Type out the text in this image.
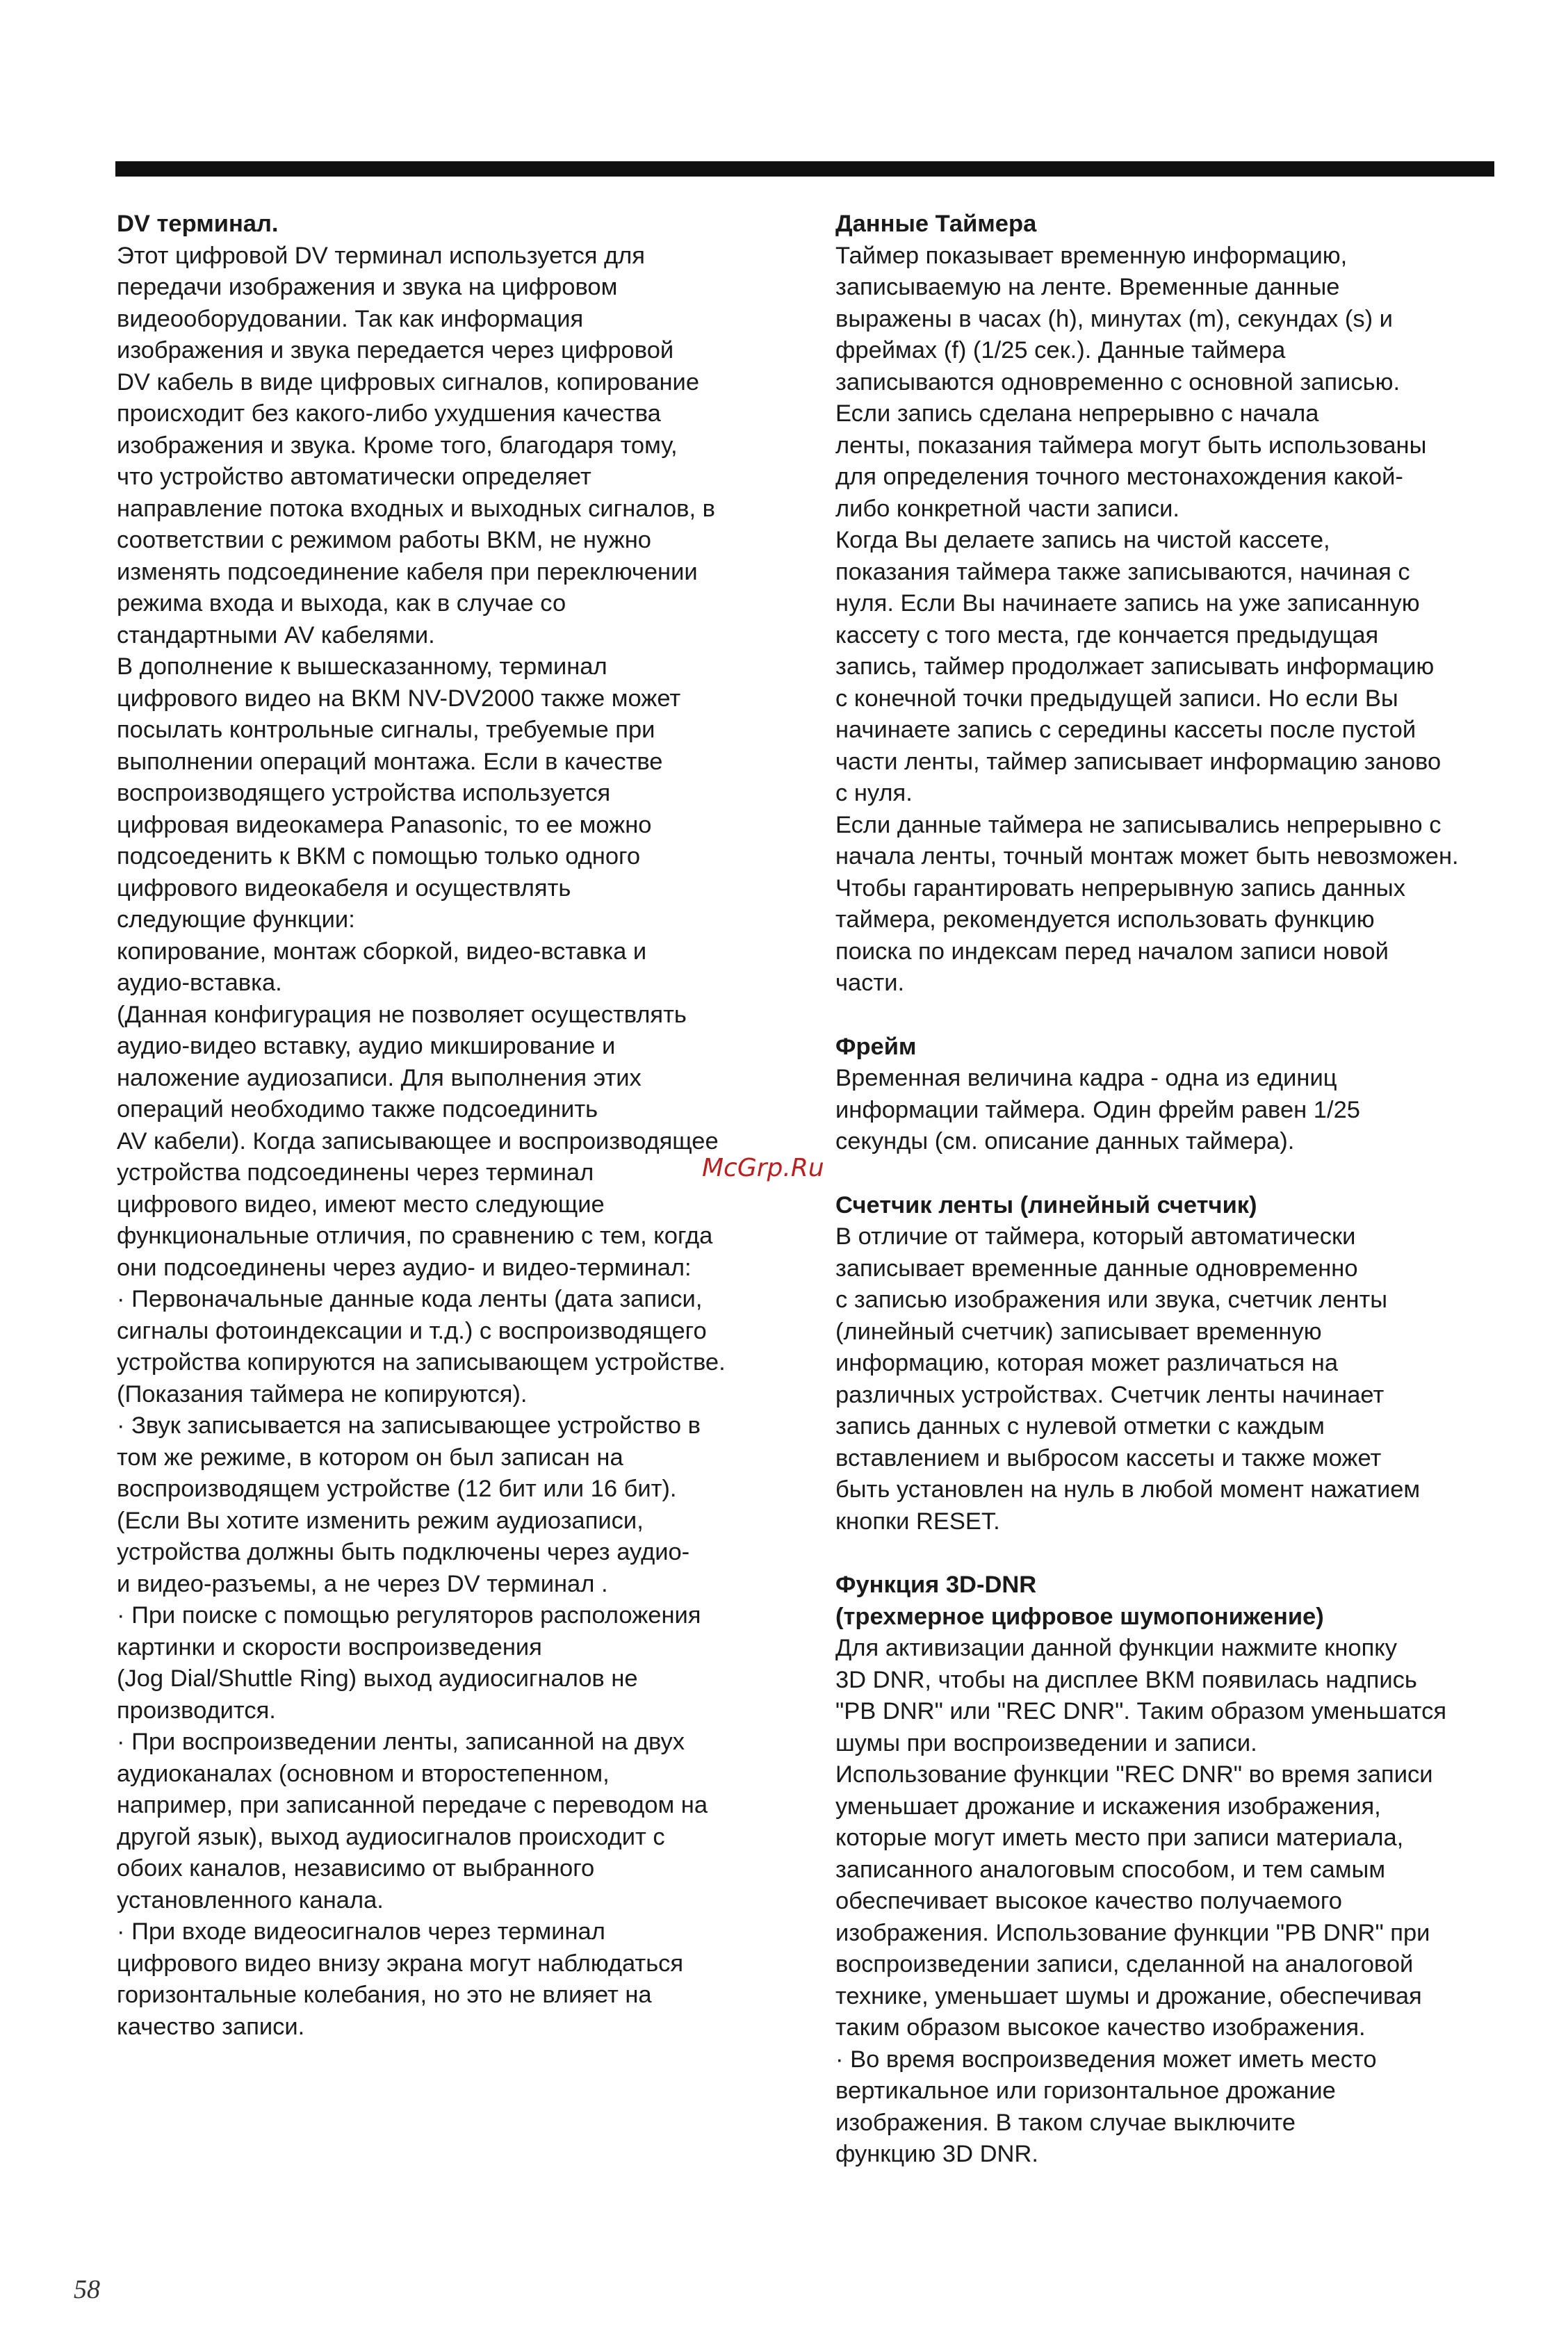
DV терминал.

Этот цифровой DV терминал используется для
передачи изображения и звука на цифровом
видеооборудовании. Так как информация
изображения и звука передается через цифровой
DV кабель в виде цифровых сигналов, копирование
происходит без какого-либо ухудшения качества
изображения и звука. Кроме того, благодаря тому,
что устройство автоматически определяет
направление потока входных и выходных сигналов, в
соответствии с режимом работы ВКМ, не нужно
изменять подсоединение кабеля при переключении
режима входа и выхода, как в случае со
стандартными AV кабелями.

В дополнение к вышесказанному, терминал
цифрового видео на ВКМ NV-DV2000 также может
посылать контрольные сигналы, требуемые при
выполнении операций монтажа. Если в качестве
воспроизводящего устройства используется
цифровая видеокамера Panasonic, то ее можно
подсоеденить к ВКМ с помощью только одного
цифрового видеокабеля и осуществлять
следующие функции:
копирование, монтаж сборкой, видео-вставка и
аудио-вставка.

(Данная конфигурация не позволяет осуществлять
аудио-видео вставку, аудио микширование и
наложение аудиозаписи. Для выполнения этих
операций необходимо также подсоединить
AV кабели). Когда записывающее и воспроизводящее
устройства подсоединены через терминал
цифрового видео, имеют место следующие
функциональные отличия, по сравнению с тем, когда
они подсоединены через аудио- и видео-терминал:

· Первоначальные данные кода ленты (дата записи,
сигналы фотоиндексации и т.д.) с воспроизводящего
устройства копируются на записывающем устройстве.
(Показания таймера не копируются).

· Звук записывается на записывающее устройство в
том же режиме, в котором он был записан на
воспроизводящем устройстве (12 бит или 16 бит).
(Если Вы хотите изменить режим аудиозаписи,
устройства должны быть подключены через аудио-
и видео-разъемы, а не через DV терминал .

· При поиске с помощью регуляторов расположения
картинки и скорости воспроизведения
(Jog Dial/Shuttle Ring) выход аудиосигналов не
производится.

· При воспроизведении ленты, записанной на двух
аудиоканалах (основном и второстепенном,
например, при записанной передаче с переводом на
другой язык), выход аудиосигналов происходит с
обоих каналов, независимо от выбранного
установленного канала.

· При входе видеосигналов через терминал
цифрового видео внизу экрана могут наблюдаться
горизонтальные колебания, но это не влияет на
качество записи.

Данные Таймера

Таймер показывает временную информацию,
записываемую на ленте. Временные данные
выражены в часах (h), минутах (m), секундах (s) и
фреймах (f) (1/25 сек.). Данные таймера
записываются одновременно с основной записью.
Если запись сделана непрерывно с начала
ленты, показания таймера могут быть использованы
для определения точного местонахождения какой-
либо конкретной части записи.

Когда Вы делаете запись на чистой кассете,
показания таймера также записываются, начиная с
нуля. Если Вы начинаете запись на уже записанную
кассету с того места, где кончается предыдущая
запись, таймер продолжает записывать информацию
с конечной точки предыдущей записи. Но если Вы
начинаете запись с середины кассеты после пустой
части ленты, таймер записывает информацию заново
с нуля.

Если данные таймера не записывались непрерывно с
начала ленты, точный монтаж может быть невозможен.
Чтобы гарантировать непрерывную запись данных
таймера, рекомендуется использовать функцию
поиска по индексам перед началом записи новой
части.

Фрейм

Временная величина кадра - одна из единиц
информации таймера. Один фрейм равен 1/25
секунды (см. описание данных таймера).

Счетчик ленты (линейный счетчик)

В отличие от таймера, который автоматически
записывает временные данные одновременно
с записью изображения или звука, счетчик ленты
(линейный счетчик) записывает временную
информацию, которая может различаться на
различных устройствах. Счетчик ленты начинает
запись данных с нулевой отметки с каждым
вставлением и выбросом кассеты и также может
быть установлен на нуль в любой момент нажатием
кнопки RESET.

Функция 3D-DNR

(трехмерное цифровое шумопонижение)

Для активизации данной функции нажмите кнопку
3D DNR, чтобы на дисплее ВКМ появилась надпись
"PB DNR" или "REC DNR". Таким образом уменьшатся
шумы при воспроизведении и записи.

Использование функции "REC DNR" во время записи
уменьшает дрожание и искажения изображения,
которые могут иметь место при записи материала,
записанного аналоговым способом, и тем самым
обеспечивает высокое качество получаемого
изображения. Использование функции "PB DNR" при
воспроизведении записи, сделанной на аналоговой
технике, уменьшает шумы и дрожание, обеспечивая
таким образом высокое качество изображения.

· Во время воспроизведения может иметь место
вертикальное или горизонтальное дрожание
изображения. В таком случае выключите
функцию 3D DNR.

McGrp.Ru
58
